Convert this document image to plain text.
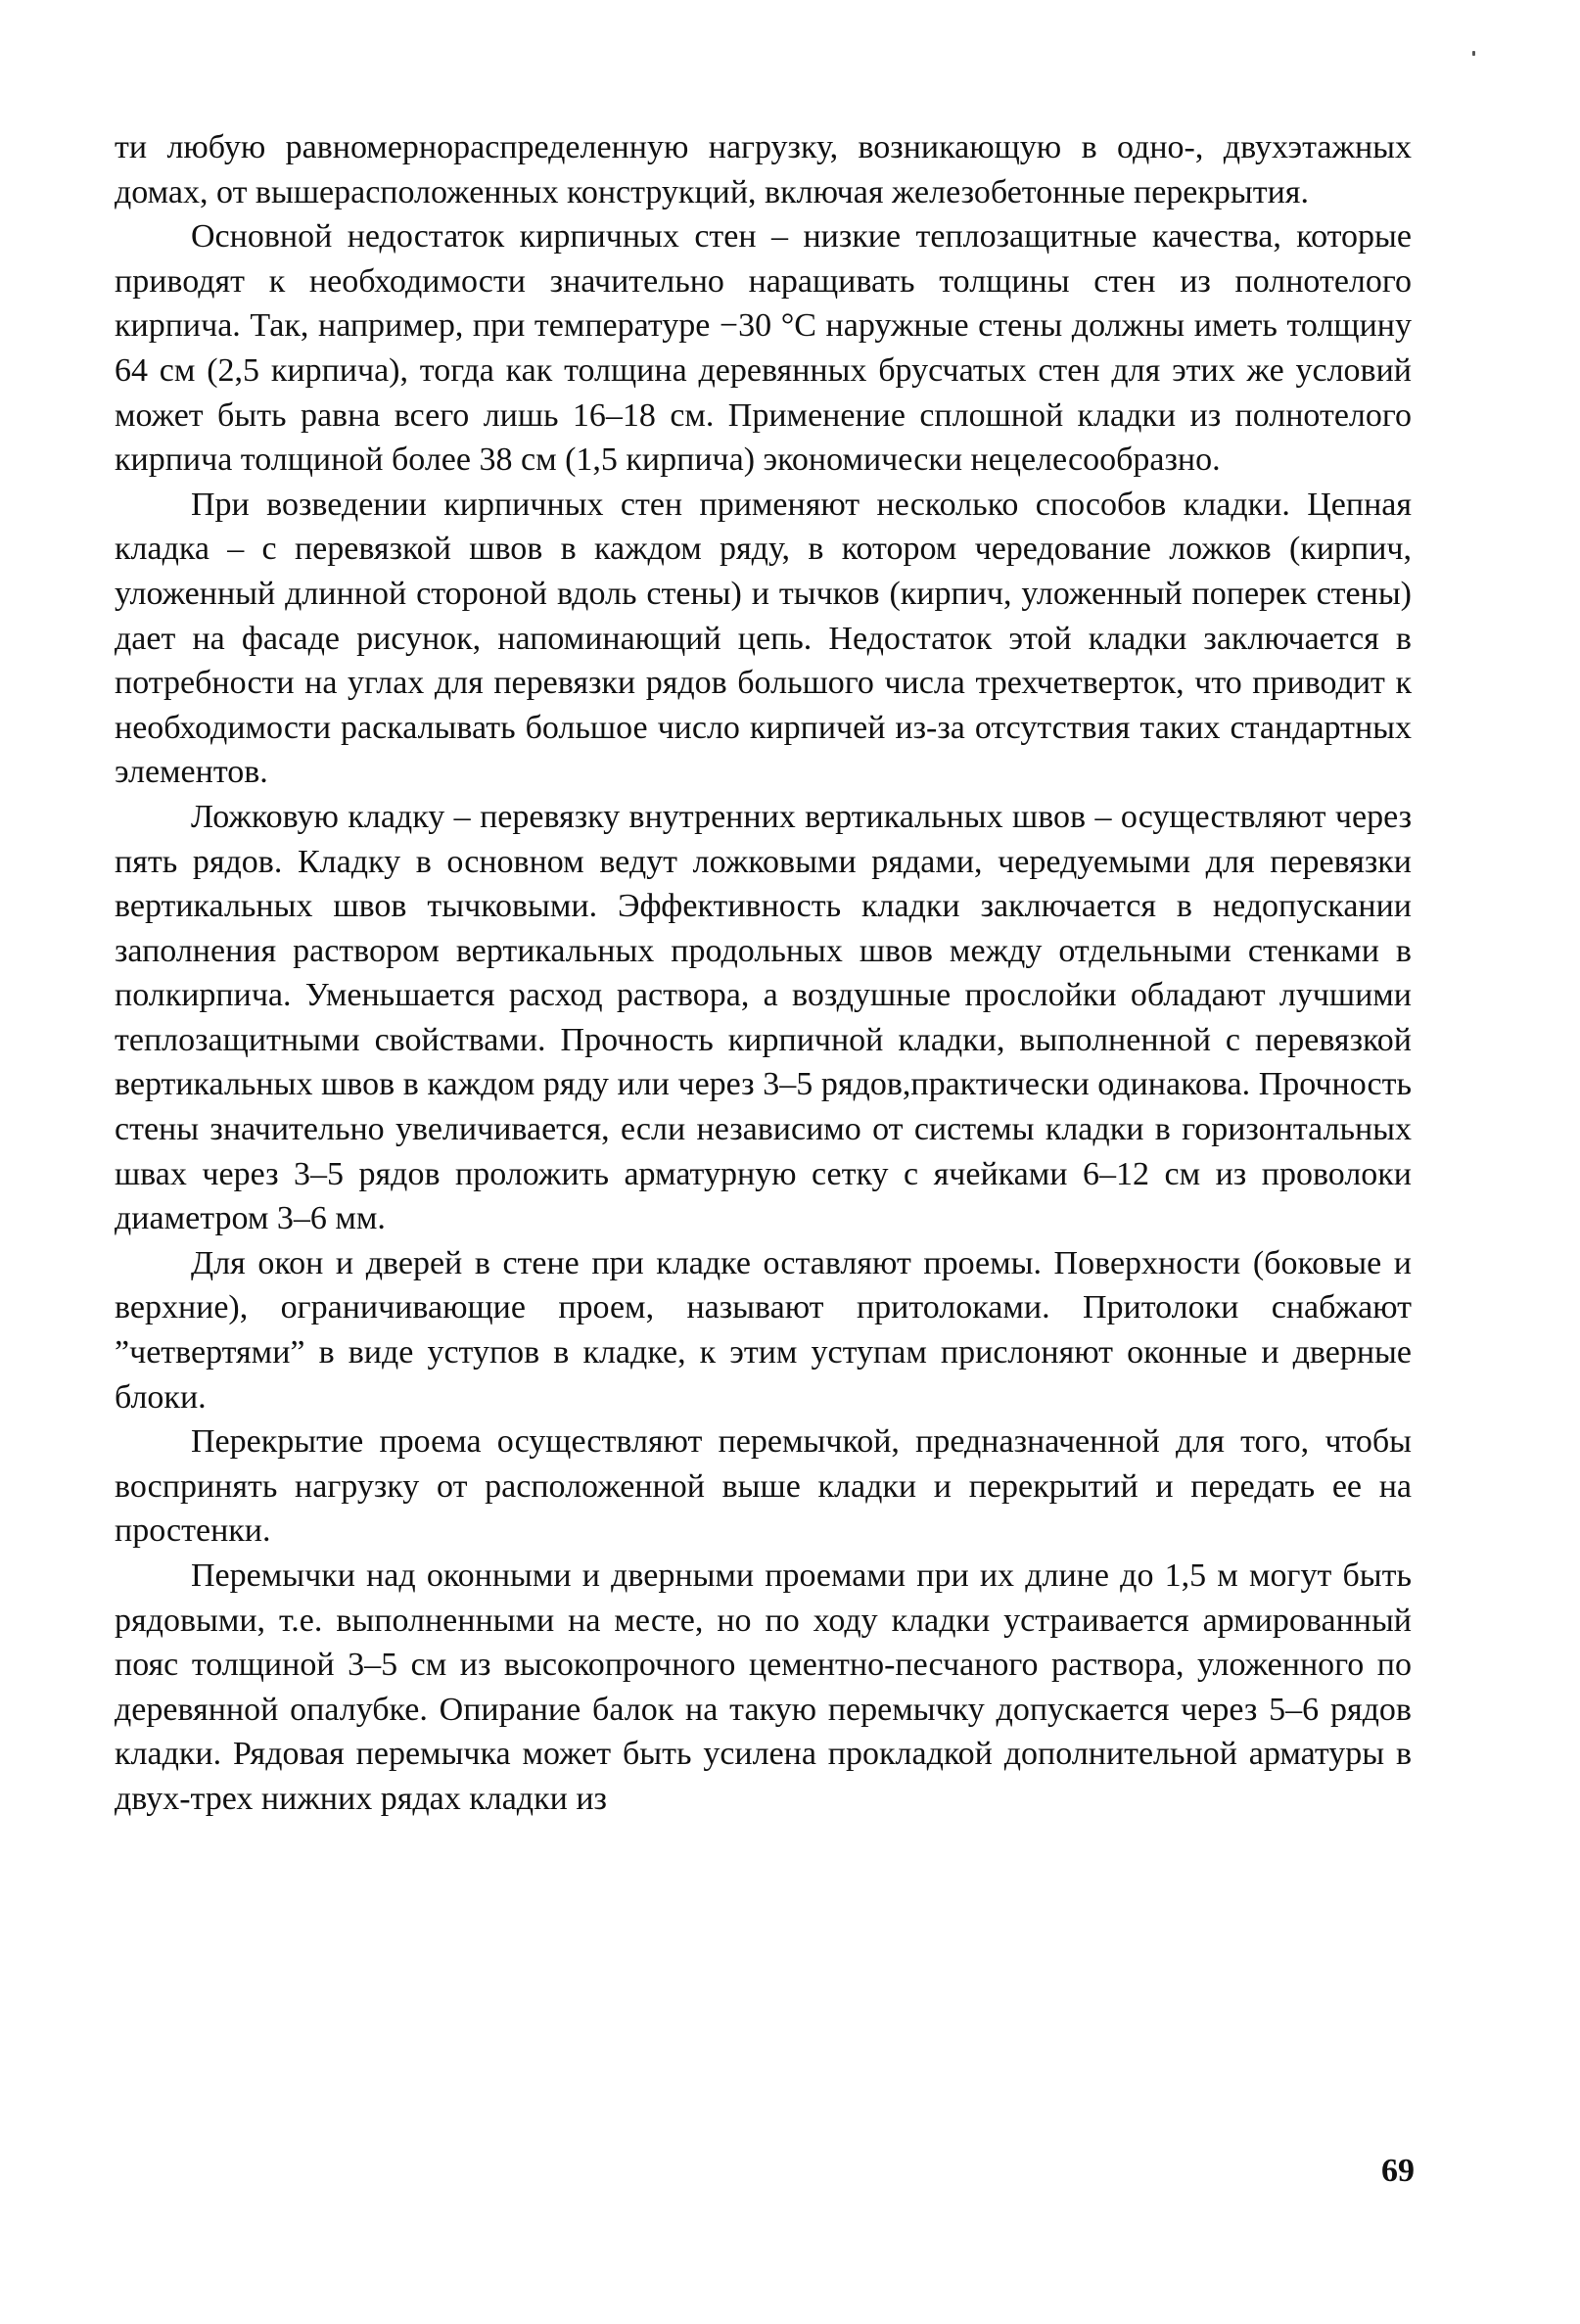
ти любую равномернораспределенную нагрузку, возникающую в одно-, двухэтажных домах, от вышерасположенных конструкций, включая железобетонные перекрытия.

Основной недостаток кирпичных стен – низкие теплозащитные качества, которые приводят к необходимости значительно наращивать толщины стен из полнотелого кирпича. Так, например, при температуре −30 °С наружные стены должны иметь толщину 64 см (2,5 кирпича), тогда как толщина деревянных брусчатых стен для этих же условий может быть равна всего лишь 16–18 см. Применение сплошной кладки из полнотелого кирпича толщиной более 38 см (1,5 кирпича) экономически нецелесообразно.

При возведении кирпичных стен применяют несколько способов кладки. Цепная кладка – с перевязкой швов в каждом ряду, в котором чередование ложков (кирпич, уложенный длинной стороной вдоль стены) и тычков (кирпич, уложенный поперек стены) дает на фасаде рисунок, напоминающий цепь. Недостаток этой кладки заключается в потребности на углах для перевязки рядов большого числа трехчетверток, что приводит к необходимости раскалывать большое число кирпичей из-за отсутствия таких стандартных элементов.

Ложковую кладку – перевязку внутренних вертикальных швов – осуществляют через пять рядов. Кладку в основном ведут ложковыми рядами, чередуемыми для перевязки вертикальных швов тычковыми. Эффективность кладки заключается в недопускании заполнения раствором вертикальных продольных швов между отдельными стенками в полкирпича. Уменьшается расход раствора, а воздушные прослойки обладают лучшими теплозащитными свойствами. Прочность кирпичной кладки, выполненной с перевязкой вертикальных швов в каждом ряду или через 3–5 рядов,практически одинакова. Прочность стены значительно увеличивается, если независимо от системы кладки в горизонтальных швах через 3–5 рядов проложить арматурную сетку с ячейками 6–12 см из проволоки диаметром 3–6 мм.

Для окон и дверей в стене при кладке оставляют проемы. Поверхности (боковые и верхние), ограничивающие проем, называют притолоками. Притолоки снабжают ”четвертями” в виде уступов в кладке, к этим уступам прислоняют оконные и дверные блоки.

Перекрытие проема осуществляют перемычкой, предназначенной для того, чтобы воспринять нагрузку от расположенной выше кладки и перекрытий и передать ее на простенки.

Перемычки над оконными и дверными проемами при их длине до 1,5 м могут быть рядовыми, т.е. выполненными на месте, но по ходу кладки устраивается армированный пояс толщиной 3–5 см из высокопрочного цементно-песчаного раствора, уложенного по деревянной опалубке. Опирание балок на такую перемычку допускается через 5–6 рядов кладки. Рядовая перемычка может быть усилена прокладкой дополнительной арматуры в двух-трех нижних рядах кладки из

69
